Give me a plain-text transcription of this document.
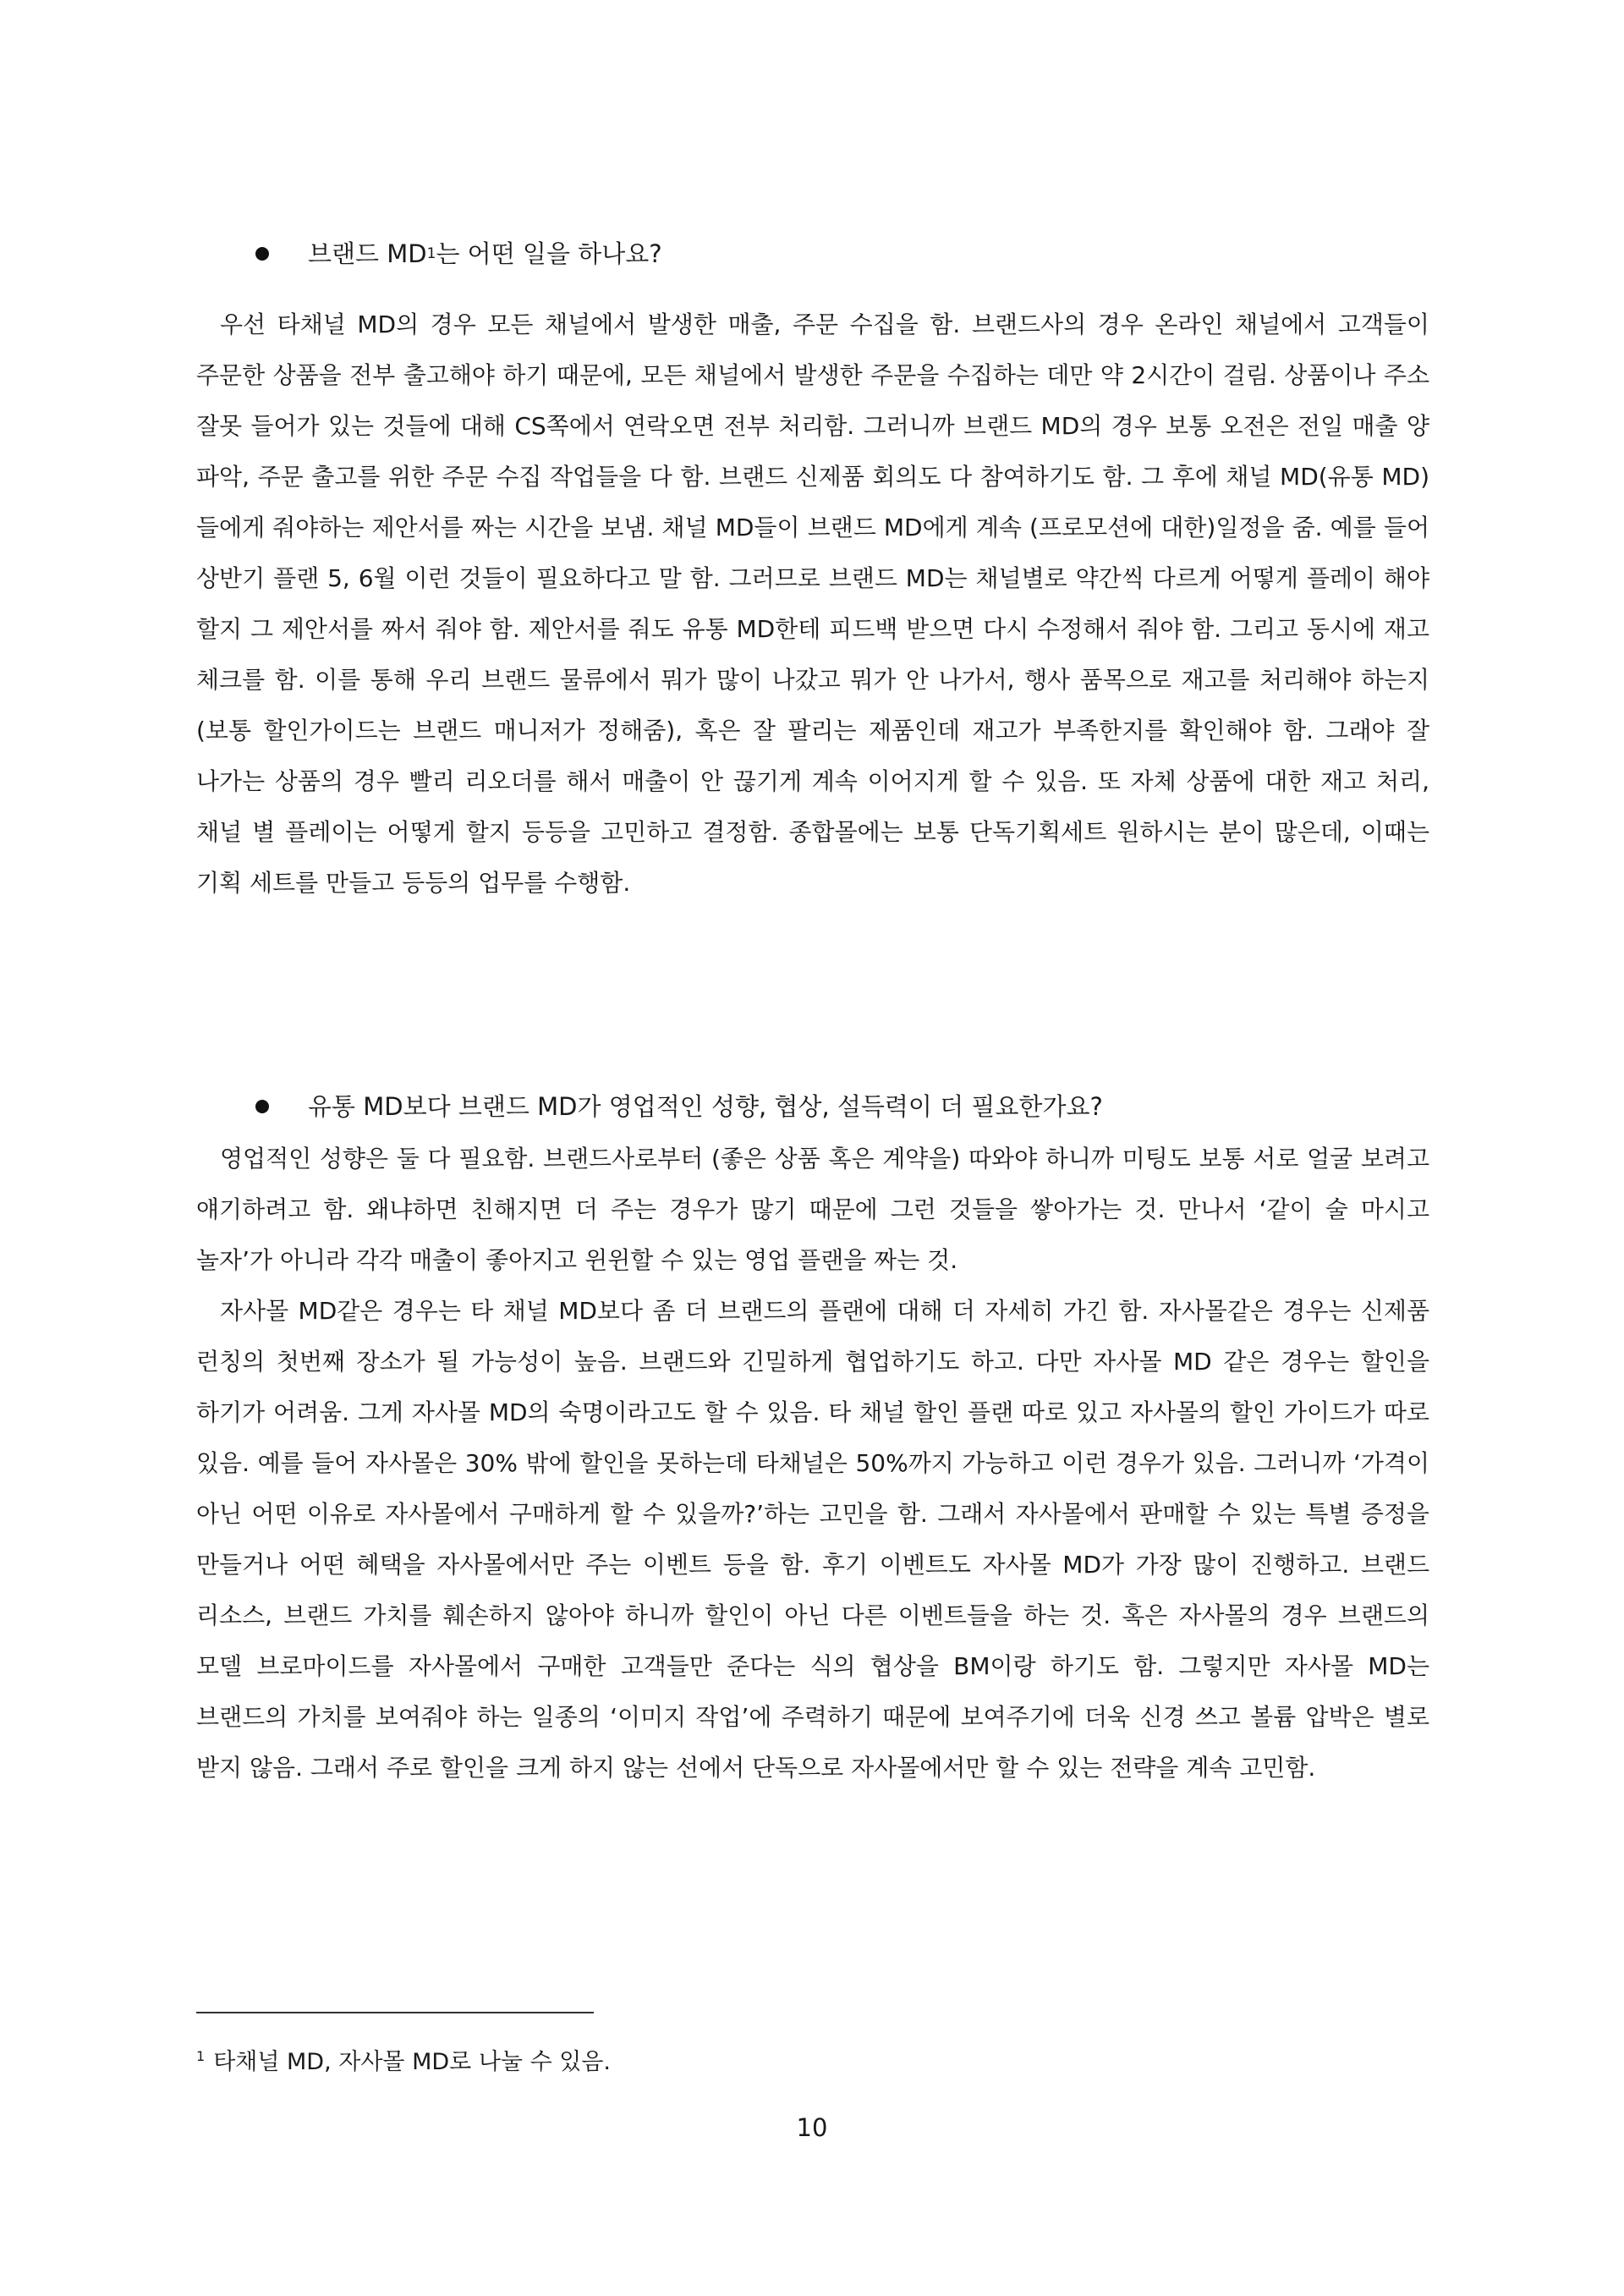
브랜드 MD 1 는 어떤 일을 하나요?

우선 타채널 MD의 경우 모든 채널에서 발생한 매출, 주문 수집을 함. 브랜드사의 경우 온라인 채널에서 고객들이 주문한 상품을 전부 출고해야 하기 때문에, 모든 채널에서 발생한 주문을 수집하는 데만 약 2시간이 걸림. 상품이나 주소 잘못 들어가 있는 것들에 대해 CS쪽에서 연락오면 전부 처리함. 그러니까 브랜드 MD의 경우 보통 오전은 전일 매출 양 파악, 주문 출고를 위한 주문 수집 작업들을 다 함. 브랜드 신제품 회의도 다 참여하기도 함. 그 후에 채널 MD(유통 MD)들에게 줘야하는 제안서를 짜는 시간을 보냄. 채널 MD들이 브랜드 MD에게 계속 (프로모션에 대한)일정을 줌. 예를 들어 상반기 플랜 5, 6월 이런 것들이 필요하다고 말 함. 그러므로 브랜드 MD는 채널별로 약간씩 다르게 어떻게 플레이 해야 할지 그 제안서를 짜서 줘야 함. 제안서를 줘도 유통 MD한테 피드백 받으면 다시 수정해서 줘야 함. 그리고 동시에 재고 체크를 함. 이를 통해 우리 브랜드 물류에서 뭐가 많이 나갔고 뭐가 안 나가서, 행사 품목으로 재고를 처리해야 하는지(보통 할인가이드는 브랜드 매니저가 정해줌), 혹은 잘 팔리는 제품인데 재고가 부족한지를 확인해야 함. 그래야 잘 나가는 상품의 경우 빨리 리오더를 해서 매출이 안 끊기게 계속 이어지게 할 수 있음. 또 자체 상품에 대한 재고 처리, 채널 별 플레이는 어떻게 할지 등등을 고민하고 결정함. 종합몰에는 보통 단독기획세트 원하시는 분이 많은데, 이때는 기획 세트를 만들고 등등의 업무를 수행함.

유통 MD보다 브랜드 MD가 영업적인 성향, 협상, 설득력이 더 필요한가요?

영업적인 성향은 둘 다 필요함. 브랜드사로부터 (좋은 상품 혹은 계약을) 따와야 하니까 미팅도 보통 서로 얼굴 보려고 얘기하려고 함. 왜냐하면 친해지면 더 주는 경우가 많기 때문에 그런 것들을 쌓아가는 것. 만나서 ‘같이 술 마시고 놀자’가 아니라 각각 매출이 좋아지고 윈윈할 수 있는 영업 플랜을 짜는 것.

자사몰 MD같은 경우는 타 채널 MD보다 좀 더 브랜드의 플랜에 대해 더 자세히 가긴 함. 자사몰같은 경우는 신제품 런칭의 첫번째 장소가 될 가능성이 높음. 브랜드와 긴밀하게 협업하기도 하고. 다만 자사몰 MD 같은 경우는 할인을 하기가 어려움. 그게 자사몰 MD의 숙명이라고도 할 수 있음. 타 채널 할인 플랜 따로 있고 자사몰의 할인 가이드가 따로 있음. 예를 들어 자사몰은 30% 밖에 할인을 못하는데 타채널은 50%까지 가능하고 이런 경우가 있음. 그러니까 ‘가격이 아닌 어떤 이유로 자사몰에서 구매하게 할 수 있을까?’하는 고민을 함. 그래서 자사몰에서 판매할 수 있는 특별 증정을 만들거나 어떤 혜택을 자사몰에서만 주는 이벤트 등을 함. 후기 이벤트도 자사몰 MD가 가장 많이 진행하고. 브랜드 리소스, 브랜드 가치를 훼손하지 않아야 하니까 할인이 아닌 다른 이벤트들을 하는 것. 혹은 자사몰의 경우 브랜드의 모델 브로마이드를 자사몰에서 구매한 고객들만 준다는 식의 협상을 BM이랑 하기도 함. 그렇지만 자사몰 MD는 브랜드의 가치를 보여줘야 하는 일종의 ‘이미지 작업’에 주력하기 때문에 보여주기에 더욱 신경 쓰고 볼륨 압박은 별로 받지 않음. 그래서 주로 할인을 크게 하지 않는 선에서 단독으로 자사몰에서만 할 수 있는 전략을 계속 고민함.

$^1$ 타채널 MD, 자사몰 MD로 나눌 수 있음.
10
